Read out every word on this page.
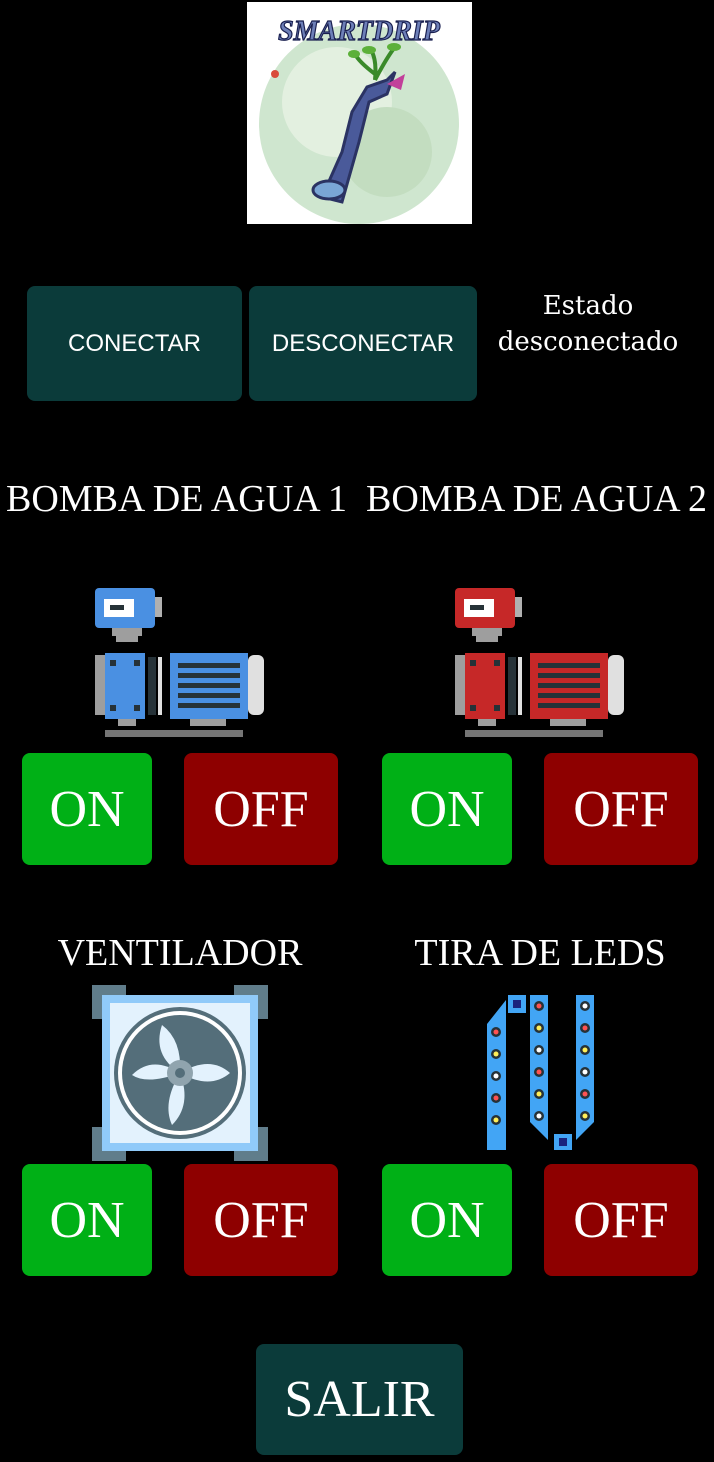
SMARTDRIP
CONECTAR	DESCONECTAR
Estado desconectado
BOMBA DE AGUA 1 BOMBA DE AGUA 2
VENTILADOR	TIRA DE LEDS
ON	OFF	ON	OFF
ON	OFF	ON	OFF
SALIR
